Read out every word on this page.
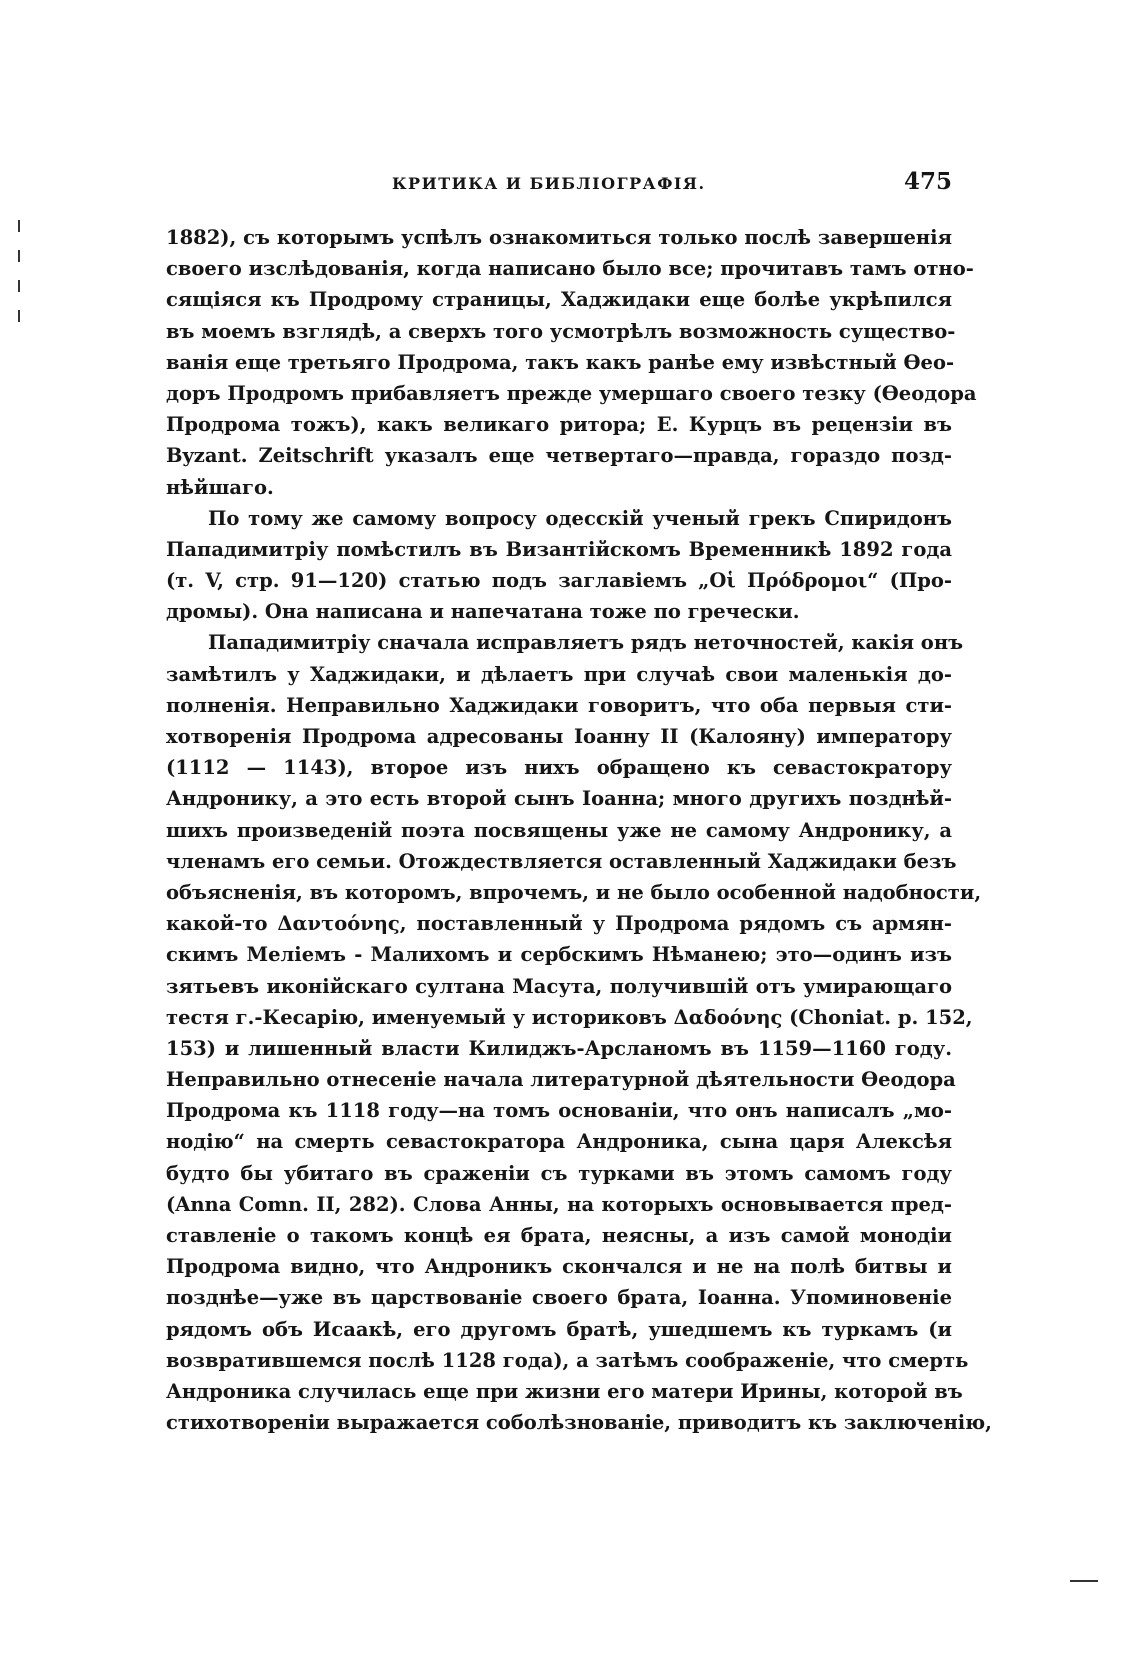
КРИТИКА И БИБЛІОГРАФІЯ.	475
1882), съ которымъ успѣлъ ознакомиться только послѣ завершенія
своего изслѣдованія, когда написано было все; прочитавъ тамъ отно-
сящіяся къ Продрому страницы, Хаджидаки еще болѣе укрѣпился
въ моемъ взглядѣ, а сверхъ того усмотрѣлъ возможность существо-
ванія еще третьяго Продрома, такъ какъ ранѣе ему извѣстный Ѳео-
доръ Продромъ прибавляетъ прежде умершаго своего тезку (Ѳеодора
Продрома тожъ), какъ великаго ритора; Е. Курцъ въ рецензіи въ
Byzant. Zeitschrift указалъ еще четвертаго—правда, гораздо позд-
нѣйшаго.
По тому же самому вопросу одесскій ученый грекъ Спиридонъ
Пападимитріу помѣстилъ въ Византійскомъ Временникѣ 1892 года
(т. V, стр. 91—120) статью подъ заглавіемъ „Οἱ Πρόδρομοι“ (Про-
дромы). Она написана и напечатана тоже по гречески.
Пападимитріу сначала исправляетъ рядъ неточностей, какія онъ
замѣтилъ у Хаджидаки, и дѣлаетъ при случаѣ свои маленькія до-
полненія. Неправильно Хаджидаки говоритъ, что оба первыя сти-
хотворенія Продрома адресованы Іоанну II (Калояну) императору
(1112 — 1143), второе изъ нихъ обращено къ севастократору
Андронику, а это есть второй сынъ Іоанна; много другихъ позднѣй-
шихъ произведеній поэта посвящены уже не самому Андронику, а
членамъ его семьи. Отождествляется оставленный Хаджидаки безъ
объясненія, въ которомъ, впрочемъ, и не было особенной надобности,
какой-то Δαντοόνης, поставленный у Продрома рядомъ съ армян-
скимъ Меліемъ - Малихомъ и сербскимъ Нѣманею; это—одинъ изъ
зятьевъ иконійскаго султана Масута, получившій отъ умирающаго
тестя г.-Кесарію, именуемый у историковъ Δαδοόνης (Choniat. p. 152,
153) и лишенный власти Килиджъ-Арсланомъ въ 1159—1160 году.
Неправильно отнесеніе начала литературной дѣятельности Ѳеодора
Продрома къ 1118 году—на томъ основаніи, что онъ написалъ „мо-
нодію“ на смерть севастократора Андроника, сына царя Алексѣя
будто бы убитаго въ сраженіи съ турками въ этомъ самомъ году
(Anna Comn. II, 282). Слова Анны, на которыхъ основывается пред-
ставленіе о такомъ концѣ ея брата, неясны, а изъ самой монодіи
Продрома видно, что Андроникъ скончался и не на полѣ битвы и
позднѣе—уже въ царствованіе своего брата, Іоанна. Упоминовеніе
рядомъ объ Исаакѣ, его другомъ братѣ, ушедшемъ къ туркамъ (и
возвратившемся послѣ 1128 года), а затѣмъ соображеніе, что смерть
Андроника случилась еще при жизни его матери Ирины, которой въ
стихотвореніи выражается соболѣзнованіе, приводитъ къ заключенію,
